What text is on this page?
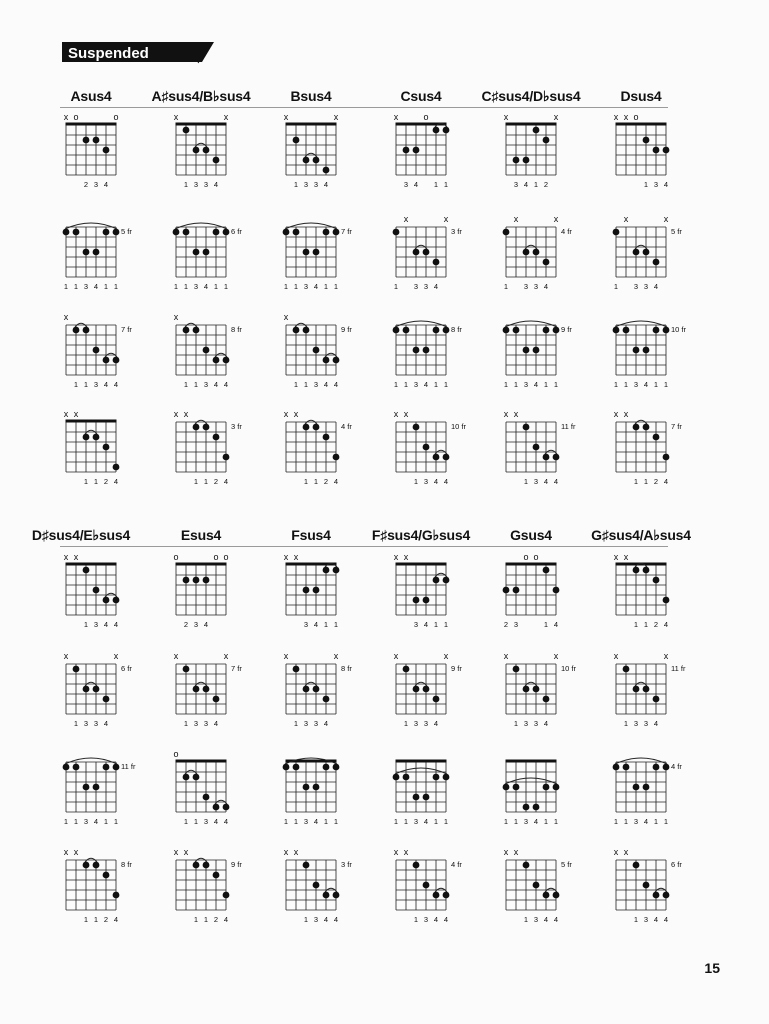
Suspended
Asus4	A♯sus4/B♭sus4	Bsus4	Csus4	C♯sus4/D♭sus4	Dsus4
x o	o
2 3 4
x	x
1 3 3 4
x	x
1 3 3 4
x	o
3 4 1 1
x	x
3 4 1 2
x x o
1 3 4
5 fr
1 1 3 4 1 1
6 fr
1 1 3 4 1 1
7 fr
1 1 3 4 1 1
x	x
3 fr
1 3 3 4
x	x
4 fr
1 3 3 4
x	x
5 fr
1 3 3 4
x
7 fr
1 1 3 4 4
x
8 fr
1 1 3 4 4
x
9 fr
1 1 3 4 4
8 fr
1 1 3 4 1 1
9 fr
1 1 3 4 1 1
10 fr
1 1 3 4 1 1
x x
1 1 2 4
x x
3 fr
1 1 2 4
x x
4 fr
1 1 2 4
x x
10 fr
1 3 4 4
x x
11 fr
1 3 4 4
x x
7 fr
1 1 2 4
D♯sus4/E♭sus4	Esus4	Fsus4	F♯sus4/G♭sus4	Gsus4	G♯sus4/A♭sus4
x x
1 3 4 4
o	o o
2 3 4
x x
3 4 1 1
x x
3 4 1 1
o o
2 3	1 4
x x
1 1 2 4
x	x
6 fr
1 3 3 4
x	x
7 fr
1 3 3 4
x	x
8 fr
1 3 3 4
x	x
9 fr
1 3 3 4
x	x
10 fr
1 3 3 4
x	x
11 fr
1 3 3 4
11 fr
1 1 3 4 1 1
o
1 1 3 4 4	1 1 3 4 1 1	1 1 3 4 1 1	1 1 3 4 1 1
4 fr
1 1 3 4 1 1
x x
8 fr
1 1 2 4
x x
9 fr
1 1 2 4
x x
3 fr
1 3 4 4
x x
4 fr
1 3 4 4
x x
5 fr
1 3 4 4
x x
6 fr
1 3 4 4
15
